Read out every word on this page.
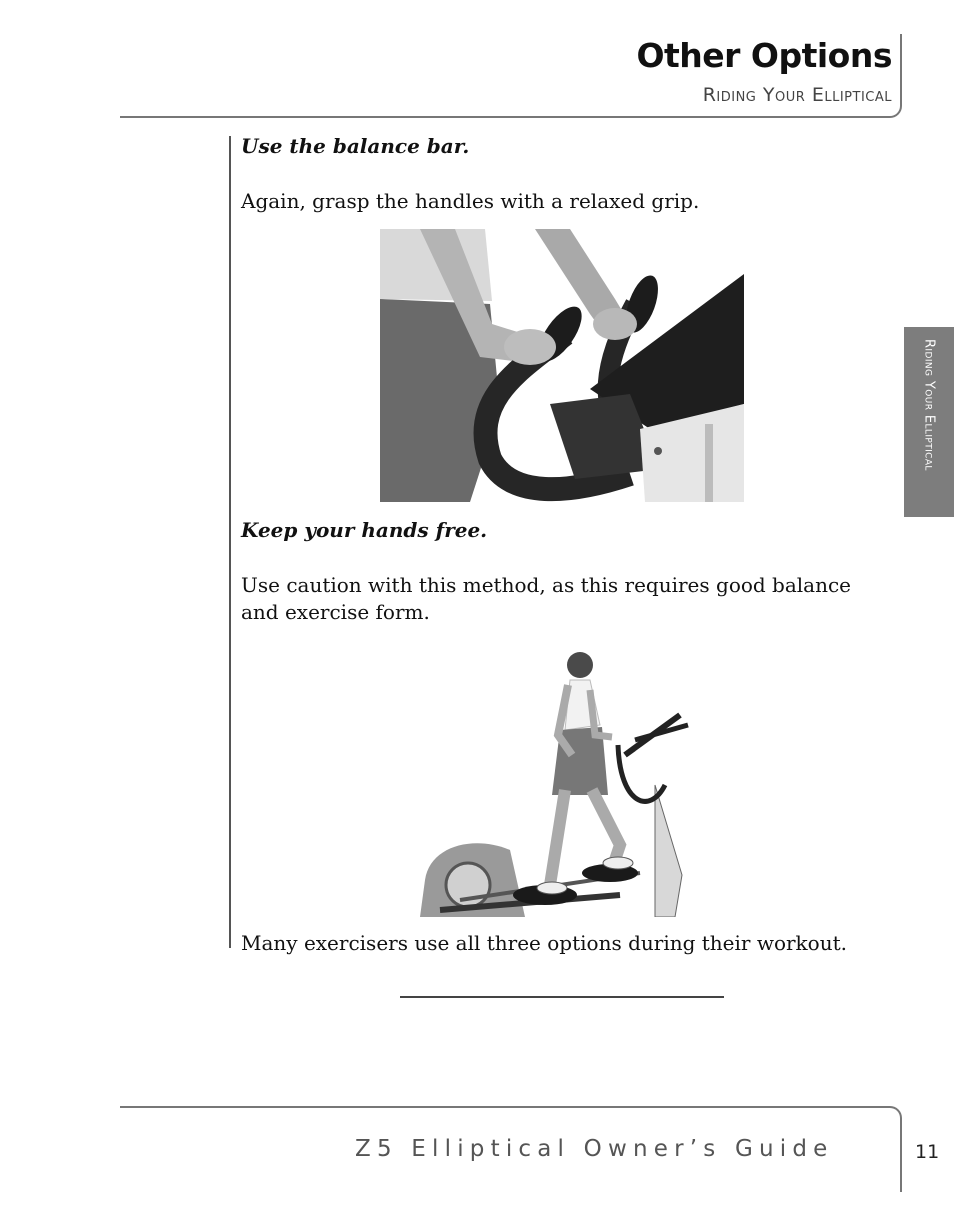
Other Options
Riding Your Elliptical
Riding Your Elliptical
Use the balance bar.
Again, grasp the handles with a relaxed grip.
Keep your hands free.
Use caution with this method, as this requires good balance and exercise form.
Many exercisers use all three options during their workout.
Z5 Elliptical Owner’s Guide	11
